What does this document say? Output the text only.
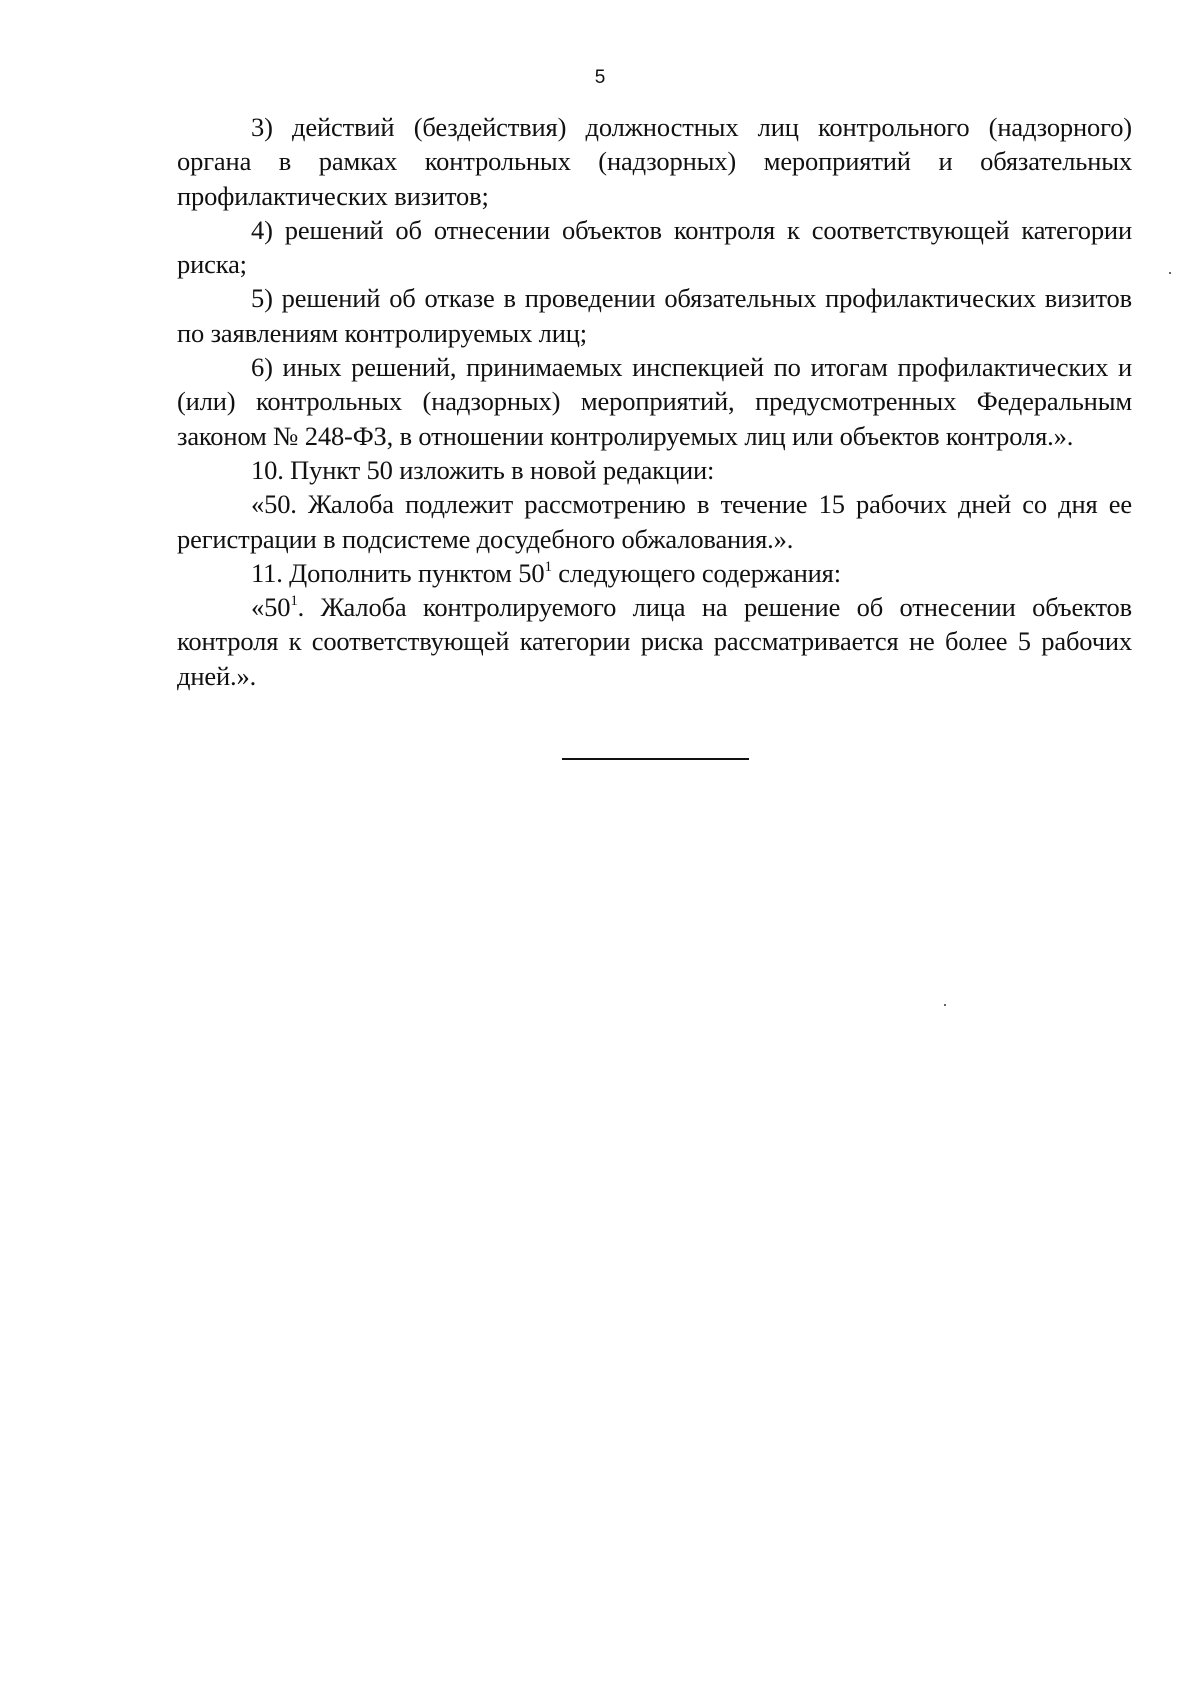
5

3) действий (бездействия) должностных лиц контрольного (надзорного) органа в рамках контрольных (надзорных) мероприятий и обязательных профилактических визитов;

4) решений об отнесении объектов контроля к соответствующей категории риска;

5) решений об отказе в проведении обязательных профилактических визитов по заявлениям контролируемых лиц;

6) иных решений, принимаемых инспекцией по итогам профилактических и (или) контрольных (надзорных) мероприятий, предусмотренных Федеральным законом № 248-ФЗ, в отношении контролируемых лиц или объектов контроля.».

10. Пункт 50 изложить в новой редакции:

«50. Жалоба подлежит рассмотрению в течение 15 рабочих дней со дня ее регистрации в подсистеме досудебного обжалования.».

11. Дополнить пунктом $50^1$ следующего содержания:

«$50^1$. Жалоба контролируемого лица на решение об отнесении объектов контроля к соответствующей категории риска рассматривается не более 5 рабочих дней.».
